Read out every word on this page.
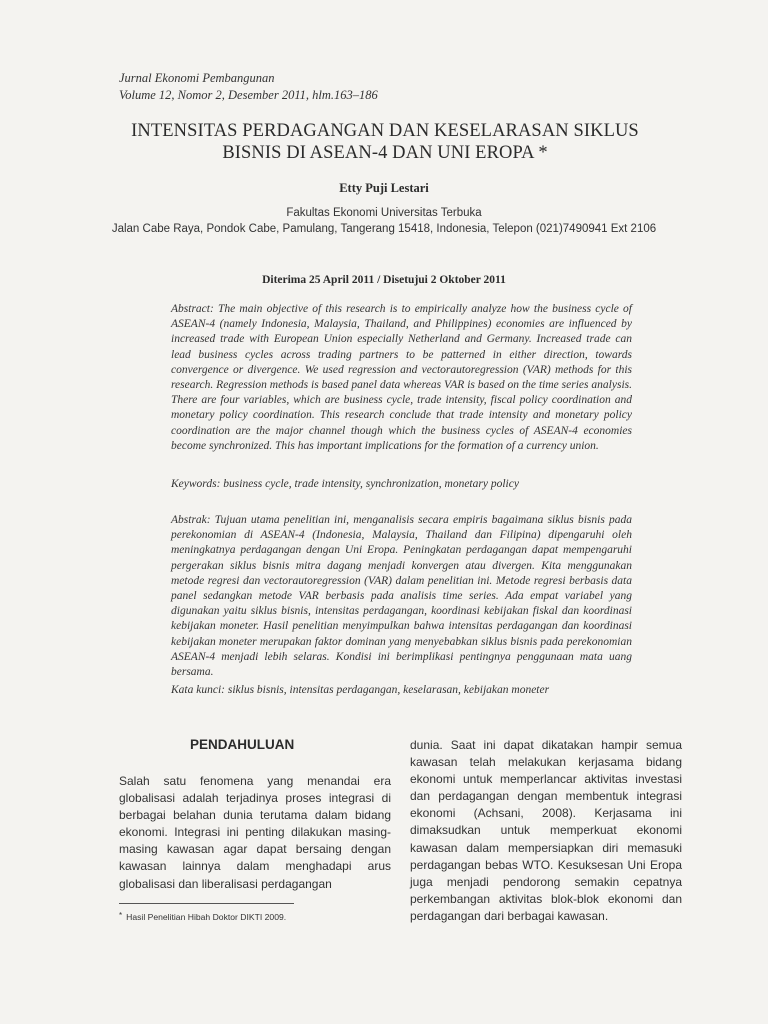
Jurnal Ekonomi Pembangunan
Volume 12, Nomor 2, Desember 2011, hlm.163–186
INTENSITAS PERDAGANGAN DAN KESELARASAN SIKLUS
BISNIS DI ASEAN-4 DAN UNI EROPA *
Etty Puji Lestari
Fakultas Ekonomi Universitas Terbuka
Jalan Cabe Raya, Pondok Cabe, Pamulang, Tangerang 15418, Indonesia, Telepon (021)7490941 Ext 2106
Diterima 25 April 2011 / Disetujui 2 Oktober 2011
Abstract: The main objective of this research is to empirically analyze how the business cycle of ASEAN-4 (namely Indonesia, Malaysia, Thailand, and Philippines) economies are influenced by increased trade with European Union especially Netherland and Germany. Increased trade can lead business cycles across trading partners to be patterned in either direction, towards convergence or divergence. We used regression and vectorautoregression (VAR) methods for this research. Regression methods is based panel data whereas VAR is based on the time series analysis. There are four variables, which are business cycle, trade intensity, fiscal policy coordination and monetary policy coordination. This research conclude that trade intensity and monetary policy coordination are the major channel though which the business cycles of ASEAN-4 economies become synchronized. This has important implications for the formation of a currency union.
Keywords: business cycle, trade intensity, synchronization, monetary policy
Abstrak: Tujuan utama penelitian ini, menganalisis secara empiris bagaimana siklus bisnis pada perekonomian di ASEAN-4 (Indonesia, Malaysia, Thailand dan Filipina) dipengaruhi oleh meningkatnya perdagangan dengan Uni Eropa. Peningkatan perdagangan dapat mempengaruhi pergerakan siklus bisnis mitra dagang menjadi konvergen atau divergen. Kita menggunakan metode regresi dan vectorautoregression (VAR) dalam penelitian ini. Metode regresi berbasis data panel sedangkan metode VAR berbasis pada analisis time series. Ada empat variabel yang digunakan yaitu siklus bisnis, intensitas perdagangan, koordinasi kebijakan fiskal dan koordinasi kebijakan moneter. Hasil penelitian menyimpulkan bahwa intensitas perdagangan dan koordinasi kebijakan moneter merupakan faktor dominan yang menyebabkan siklus bisnis pada perekonomian ASEAN-4 menjadi lebih selaras. Kondisi ini berimplikasi pentingnya penggunaan mata uang bersama.
Kata kunci: siklus bisnis, intensitas perdagangan, keselarasan, kebijakan moneter
PENDAHULUAN
Salah satu fenomena yang menandai era globalisasi adalah terjadinya proses integrasi di berbagai belahan dunia terutama dalam bidang ekonomi. Integrasi ini penting dilakukan masing-masing kawasan agar dapat bersaing dengan kawasan lainnya dalam menghadapi arus globalisasi dan liberalisasi perdagangan
dunia. Saat ini dapat dikatakan hampir semua kawasan telah melakukan kerjasama bidang ekonomi untuk memperlancar aktivitas investasi dan perdagangan dengan membentuk integrasi ekonomi (Achsani, 2008). Kerjasama ini dimaksudkan untuk memperkuat ekonomi kawasan dalam mempersiapkan diri memasuki perdagangan bebas WTO. Kesuksesan Uni Eropa juga menjadi pendorong semakin cepatnya perkembangan aktivitas blok-blok ekonomi dan perdagangan dari berbagai kawasan.
* Hasil Penelitian Hibah Doktor DIKTI 2009.
